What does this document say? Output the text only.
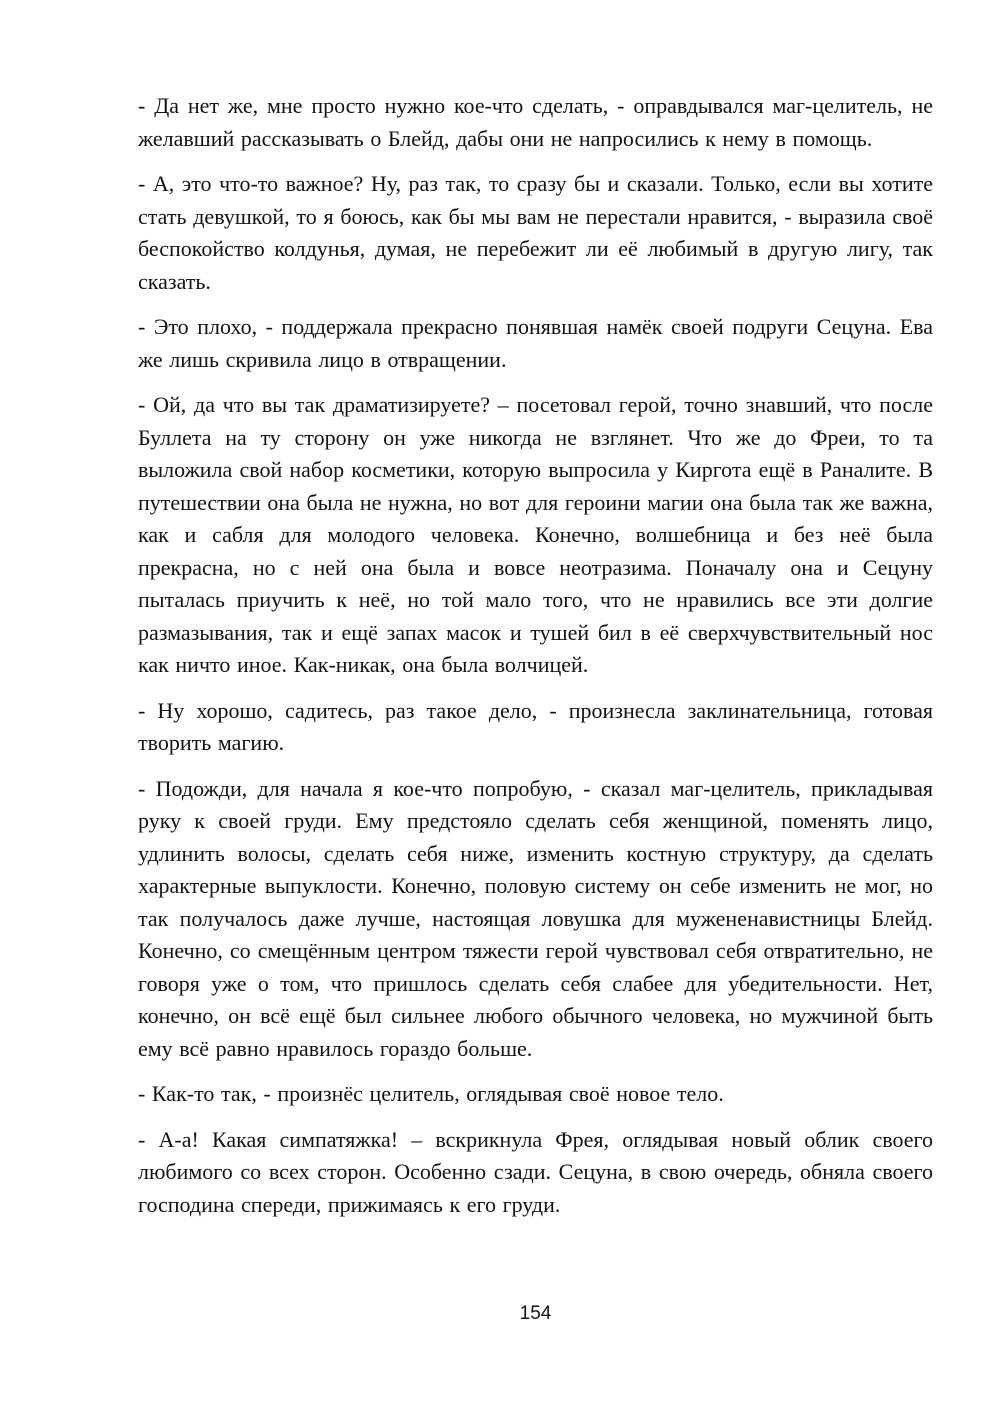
- Да нет же, мне просто нужно кое-что сделать, - оправдывался маг-целитель, не желавший рассказывать о Блейд, дабы они не напросились к нему в помощь.

- А, это что-то важное? Ну, раз так, то сразу бы и сказали. Только, если вы хотите стать девушкой, то я боюсь, как бы мы вам не перестали нравится, - выразила своё беспокойство колдунья, думая, не перебежит ли её любимый в другую лигу, так сказать.

- Это плохо, - поддержала прекрасно понявшая намёк своей подруги Сецуна. Ева же лишь скривила лицо в отвращении.

- Ой, да что вы так драматизируете? – посетовал герой, точно знавший, что после Буллета на ту сторону он уже никогда не взглянет. Что же до Фреи, то та выложила свой набор косметики, которую выпросила у Киргота ещё в Раналите. В путешествии она была не нужна, но вот для героини магии она была так же важна, как и сабля для молодого человека. Конечно, волшебница и без неё была прекрасна, но с ней она была и вовсе неотразима. Поначалу она и Сецуну пыталась приучить к неё, но той мало того, что не нравились все эти долгие размазывания, так и ещё запах масок и тушей бил в её сверхчувствительный нос как ничто иное. Как-никак, она была волчицей.

- Ну хорошо, садитесь, раз такое дело, - произнесла заклинательница, готовая творить магию.

- Подожди, для начала я кое-что попробую, - сказал маг-целитель, прикладывая руку к своей груди. Ему предстояло сделать себя женщиной, поменять лицо, удлинить волосы, сделать себя ниже, изменить костную структуру, да сделать характерные выпуклости. Конечно, половую систему он себе изменить не мог, но так получалось даже лучше, настоящая ловушка для мужененавистницы Блейд. Конечно, со смещённым центром тяжести герой чувствовал себя отвратительно, не говоря уже о том, что пришлось сделать себя слабее для убедительности. Нет, конечно, он всё ещё был сильнее любого обычного человека, но мужчиной быть ему всё равно нравилось гораздо больше.

- Как-то так, - произнёс целитель, оглядывая своё новое тело.

- А-а! Какая симпатяжка! – вскрикнула Фрея, оглядывая новый облик своего любимого со всех сторон. Особенно сзади. Сецуна, в свою очередь, обняла своего господина спереди, прижимаясь к его груди.

154
